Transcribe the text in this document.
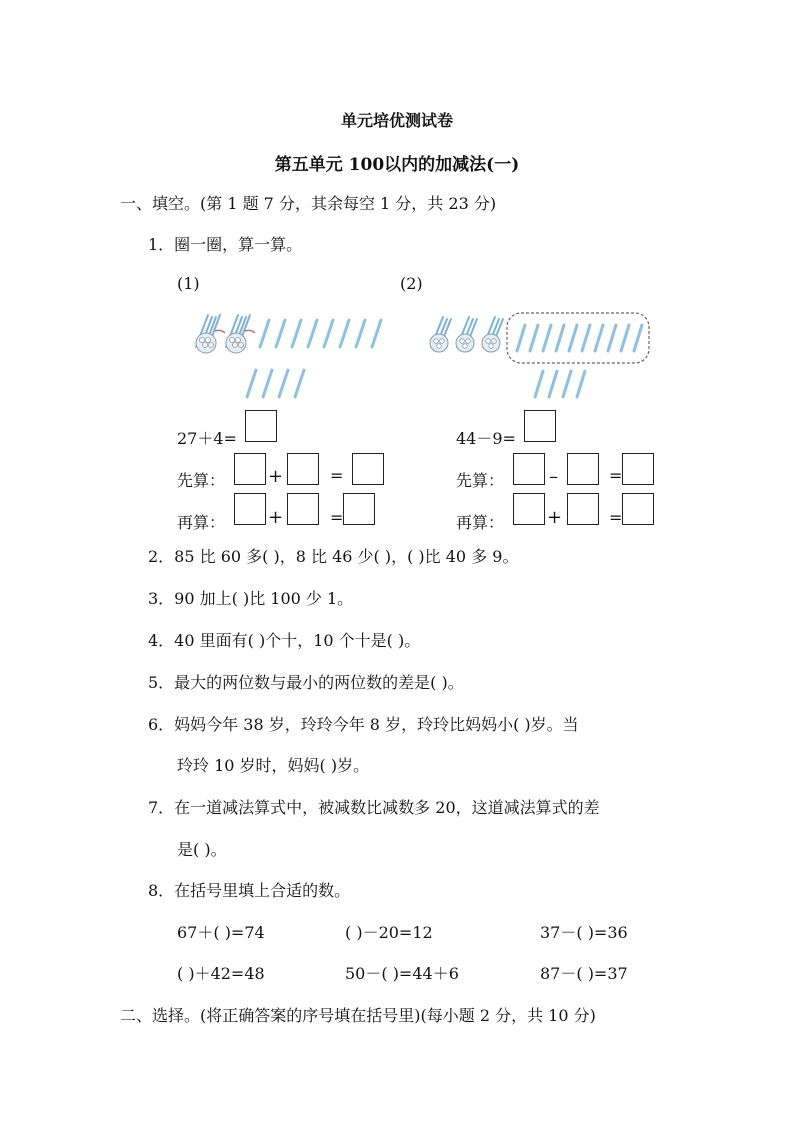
单元培优测试卷
第五单元 100以内的加减法(一)
一、填空。(第 1 题 7 分，其余每空 1 分，共 23 分)
1．圈一圈，算一算。
(1)	(2)
27＋4=
先算： +	=
再算： +	=
44－9=
先算： –	=
再算： +	=
2．85 比 60 多( )，8 比 46 少( )，( )比 40 多 9。
3．90 加上( )比 100 少 1。
4．40 里面有( )个十，10 个十是( )。
5．最大的两位数与最小的两位数的差是( )。
6．妈妈今年 38 岁，玲玲今年 8 岁，玲玲比妈妈小( )岁。当
玲玲 10 岁时，妈妈( )岁。
7．在一道减法算式中，被减数比减数多 20，这道减法算式的差
是( )。
8．在括号里填上合适的数。
67＋( )=74	( )－20=12	37－( )=36
( )＋42=48	50－( )=44＋6	87－( )=37
二、选择。(将正确答案的序号填在括号里)(每小题 2 分，共 10 分)
